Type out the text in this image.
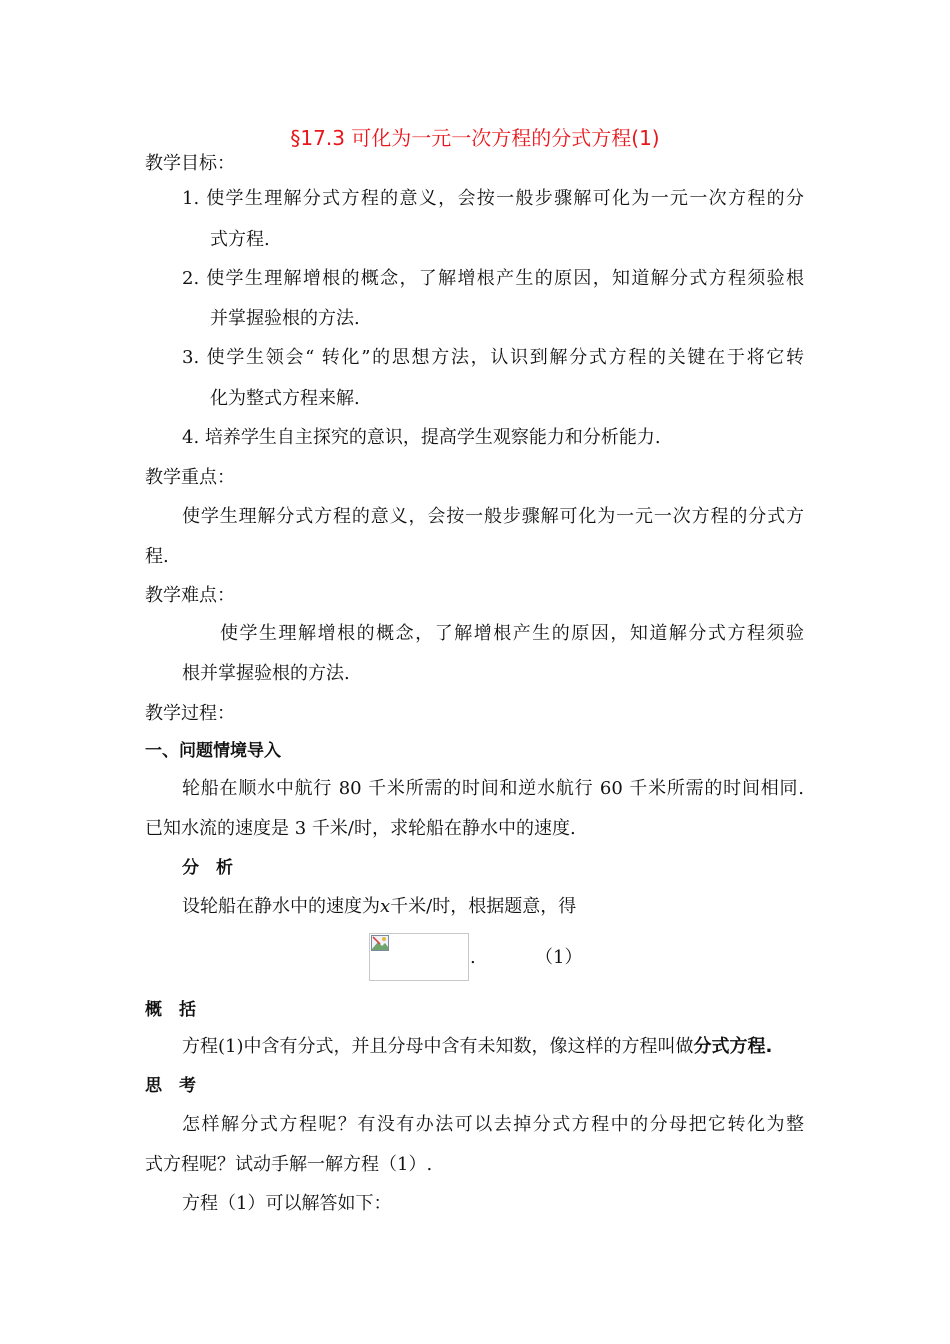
§17.3 可化为一元一次方程的分式方程(1)
教学目标：
1. 使学生理解分式方程的意义，会按一般步骤解可化为一元一次方程的分
式方程.
2. 使学生理解增根的概念，了解增根产生的原因，知道解分式方程须验根
并掌握验根的方法.
3. 使学生领会“ 转化”的思想方法，认识到解分式方程的关键在于将它转
化为整式方程来解.
4. 培养学生自主探究的意识，提高学生观察能力和分析能力.
教学重点：
使学生理解分式方程的意义，会按一般步骤解可化为一元一次方程的分式方
程.
教学难点：
使学生理解增根的概念，了解增根产生的原因，知道解分式方程须验
根并掌握验根的方法.
教学过程：
一、问题情境导入
轮船在顺水中航行 80 千米所需的时间和逆水航行 60 千米所需的时间相同.
已知水流的速度是 3 千米/时，求轮船在静水中的速度.
分　析
设轮船在静水中的速度为x千米/时，根据题意，得
.	（1）
概　括
方程(1)中含有分式，并且分母中含有未知数，像这样的方程叫做分式方程.
思　考
怎样解分式方程呢？有没有办法可以去掉分式方程中的分母把它转化为整
式方程呢？试动手解一解方程（1）.
方程（1）可以解答如下：
